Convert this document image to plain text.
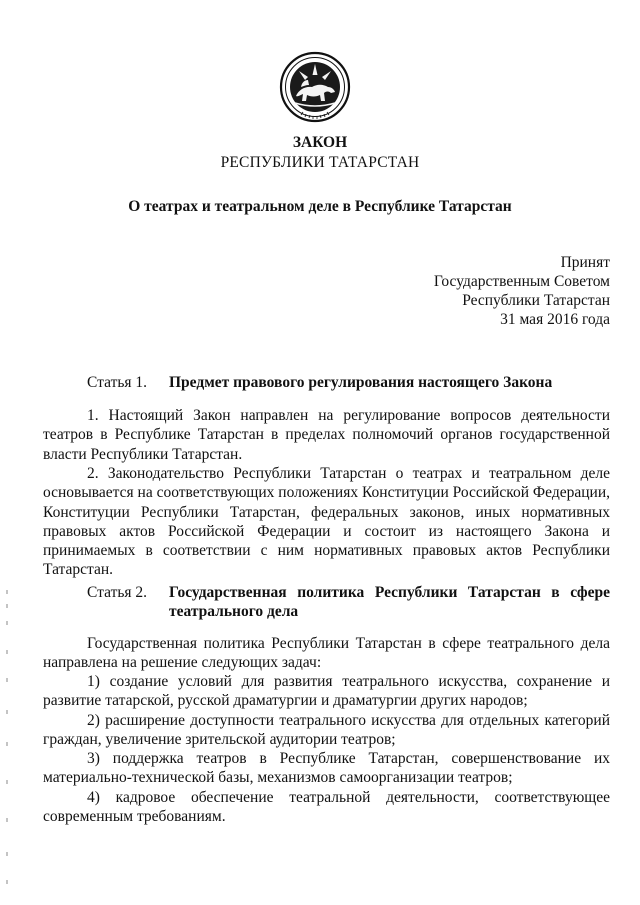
ЗАКОН
РЕСПУБЛИКИ ТАТАРСТАН
О театрах и театральном деле в Республике Татарстан
Принят
Государственным Советом
Республики Татарстан
31 мая 2016 года
Статья 1. Предмет правового регулирования настоящего Закона

1. Настоящий Закон направлен на регулирование вопросов деятельности театров в Республике Татарстан в пределах полномочий органов государственной власти Республики Татарстан.

2. Законодательство Республики Татарстан о театрах и театральном деле основывается на соответствующих положениях Конституции Российской Федерации, Конституции Республики Татарстан, федеральных законов, иных нормативных правовых актов Российской Федерации и состоит из настоящего Закона и принимаемых в соответствии с ним нормативных правовых актов Республики Татарстан.

Статья 2. Государственная политика Республики Татарстан в сфере театрального дела

Государственная политика Республики Татарстан в сфере театрального дела направлена на решение следующих задач:

1) создание условий для развития театрального искусства, сохранение и развитие татарской, русской драматургии и драматургии других народов;

2) расширение доступности театрального искусства для отдельных категорий граждан, увеличение зрительской аудитории театров;

3) поддержка театров в Республике Татарстан, совершенствование их материально-технической базы, механизмов самоорганизации театров;

4) кадровое обеспечение театральной деятельности, соответствующее современным требованиям.
